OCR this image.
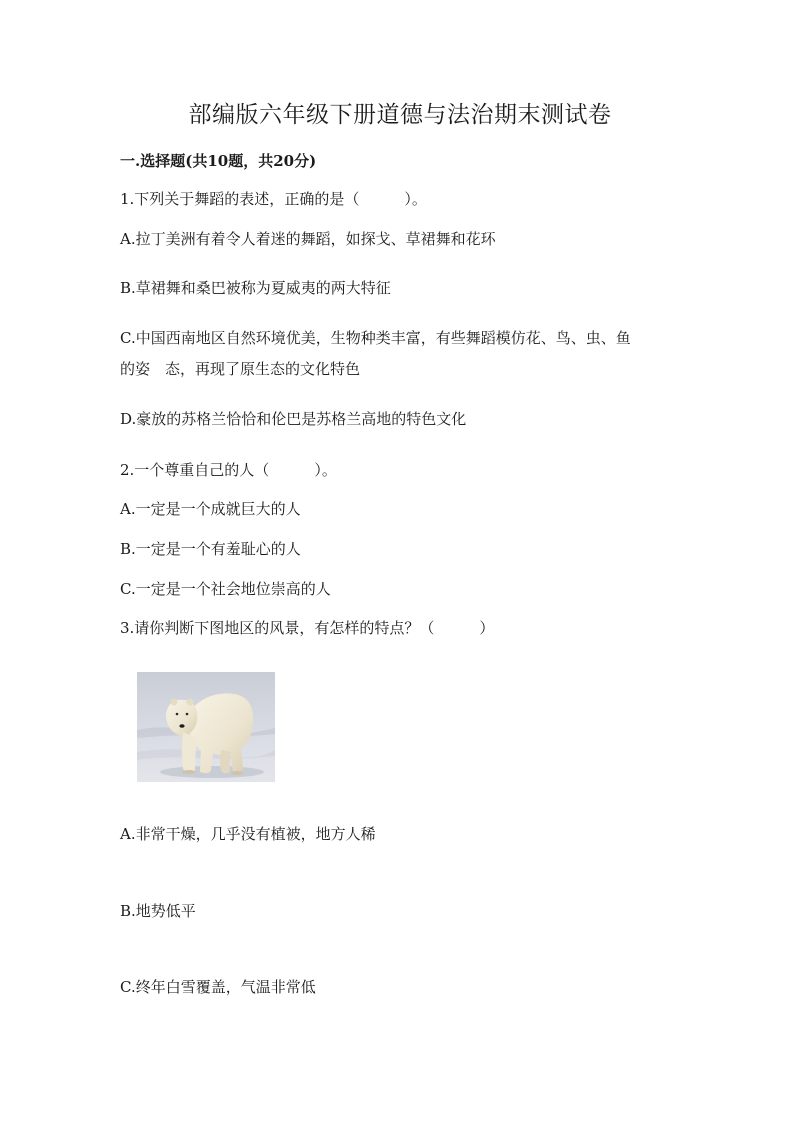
部编版六年级下册道德与法治期末测试卷
一.选择题(共10题，共20分)

1.下列关于舞蹈的表述，正确的是（　　　）。

A.拉丁美洲有着令人着迷的舞蹈，如探戈、草裙舞和花环

B.草裙舞和桑巴被称为夏威夷的两大特征

C.中国西南地区自然环境优美，生物种类丰富，有些舞蹈模仿花、鸟、虫、鱼

的姿　态，再现了原生态的文化特色

D.豪放的苏格兰恰恰和伦巴是苏格兰高地的特色文化

2.一个尊重自己的人（　　　）。

A.一定是一个成就巨大的人

B.一定是一个有羞耻心的人

C.一定是一个社会地位崇高的人

3.请你判断下图地区的风景，有怎样的特点？（　　　）

A.非常干燥，几乎没有植被，地方人稀

B.地势低平

C.终年白雪覆盖，气温非常低
